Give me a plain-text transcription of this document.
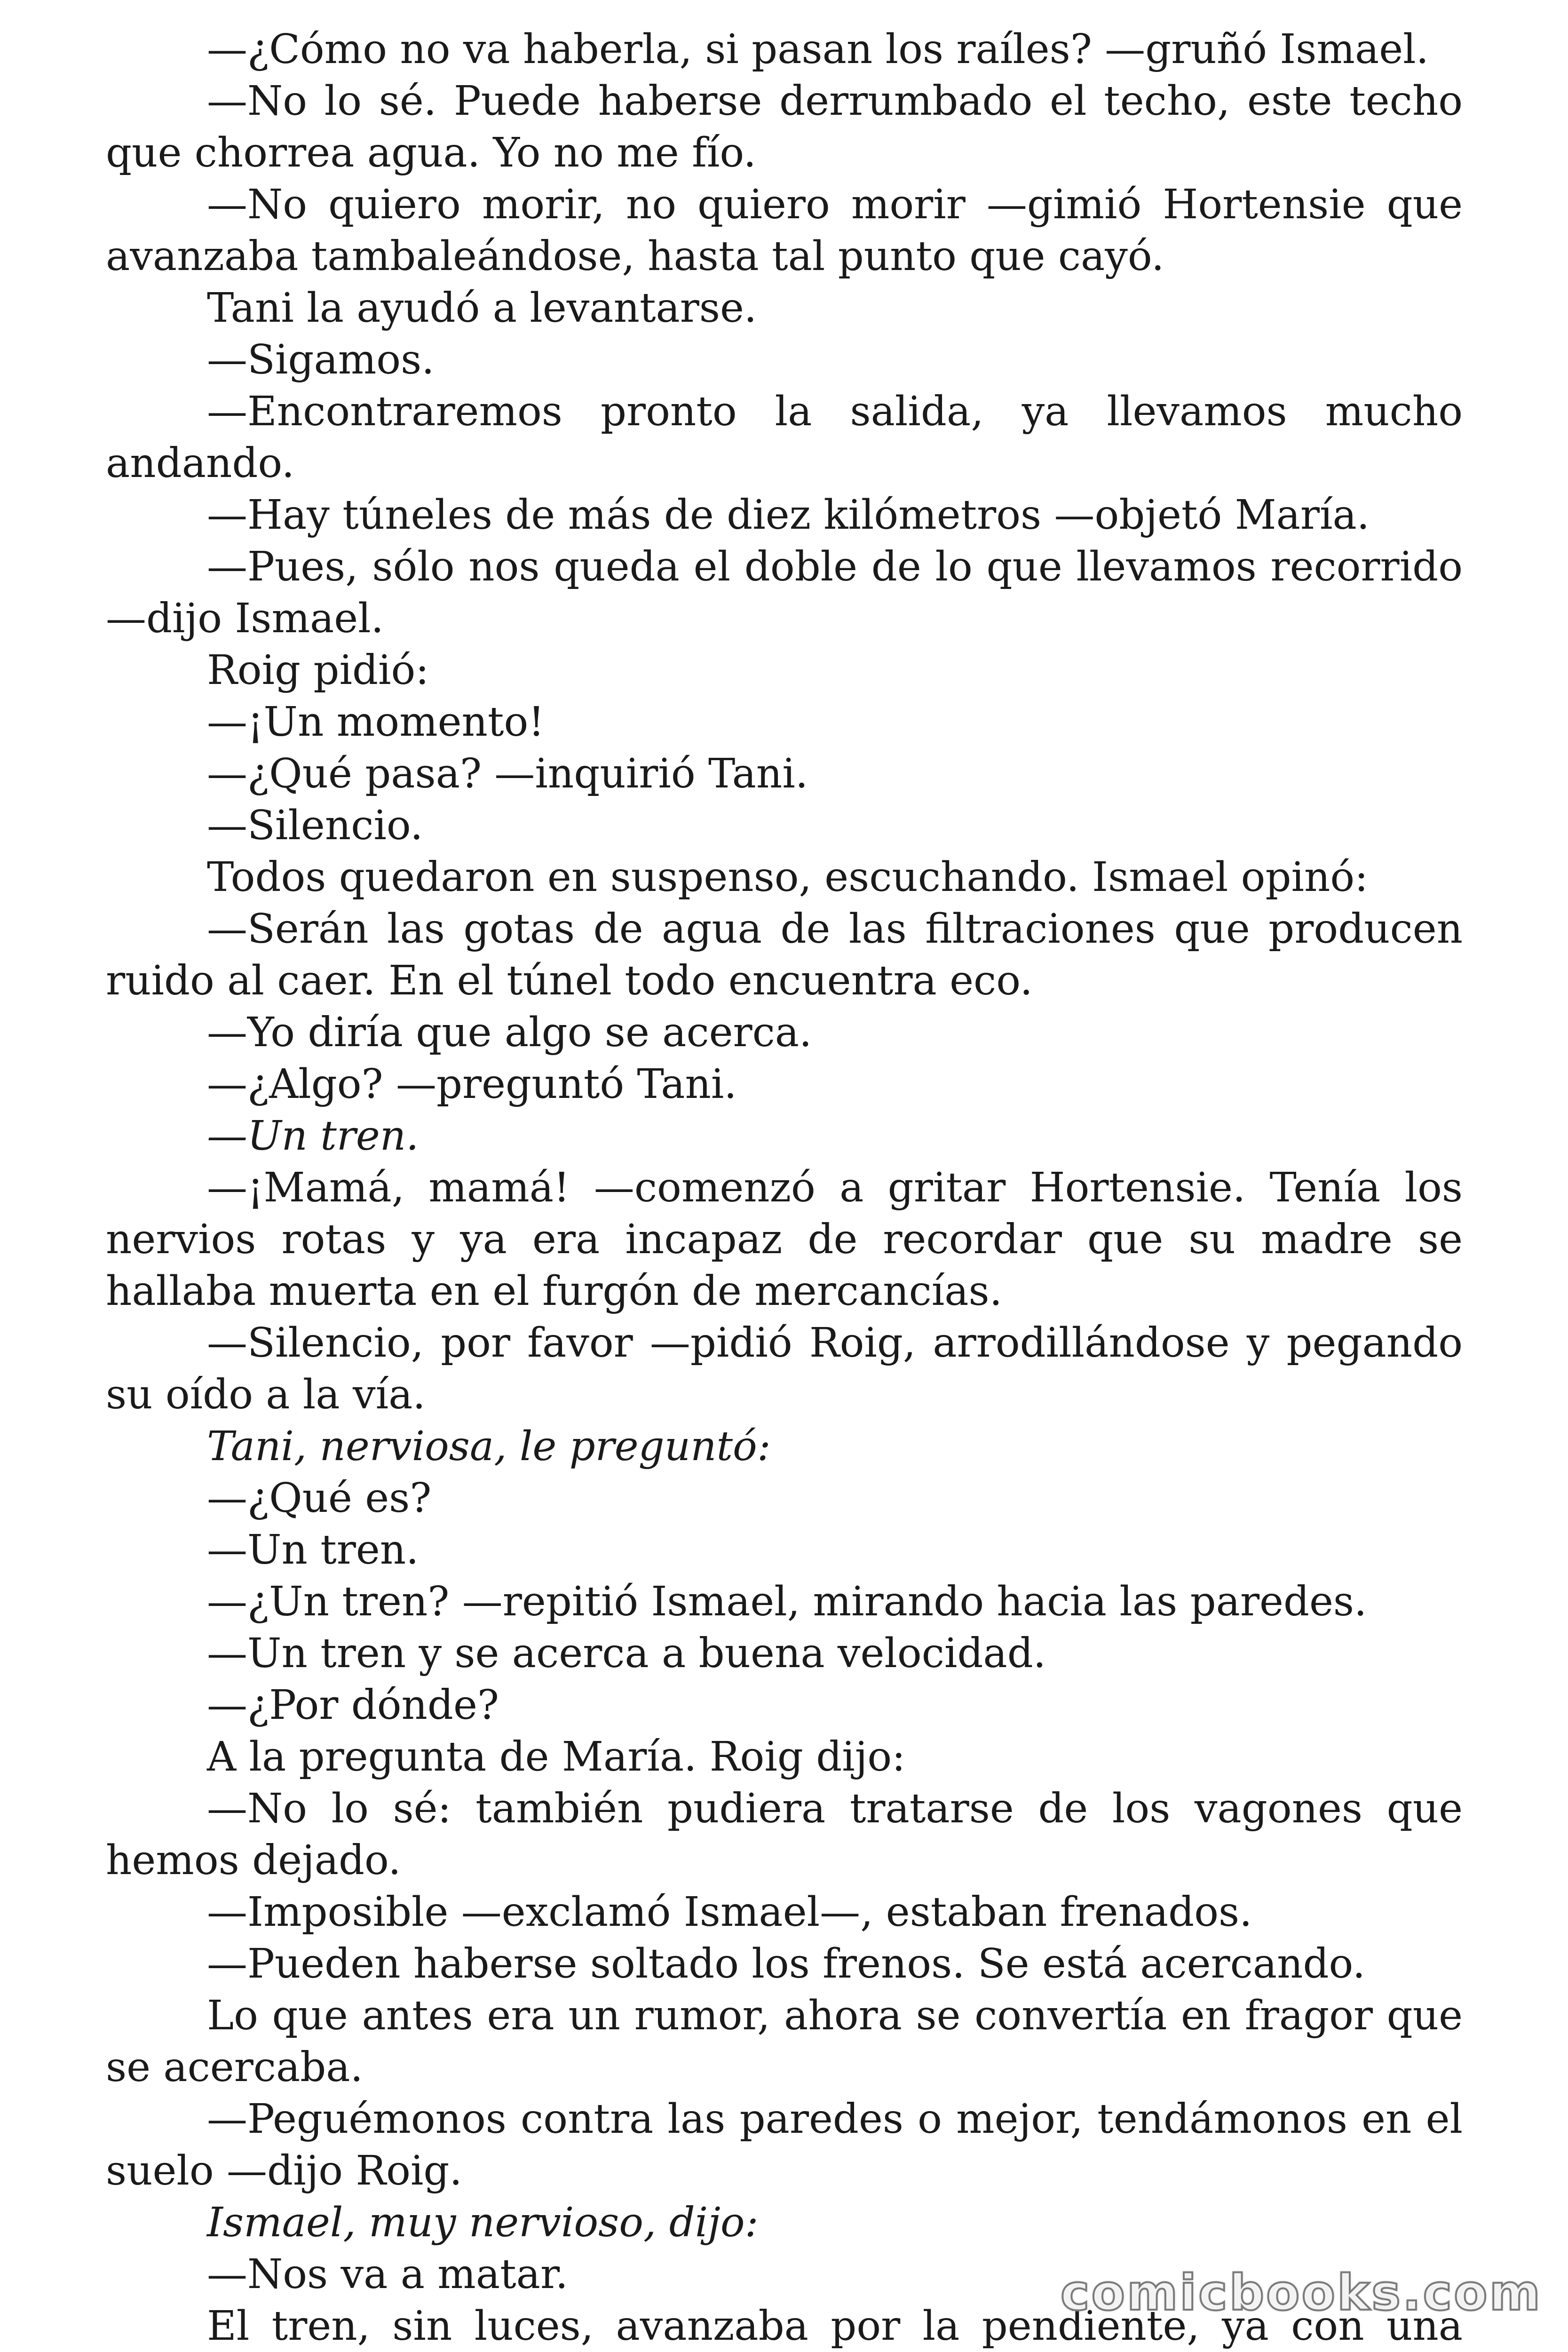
—¿Cómo no va haberla, si pasan los raíles? —gruñó Ismael.

—No lo sé. Puede haberse derrumbado el techo, este techo que chorrea agua. Yo no me fío.

—No quiero morir, no quiero morir —gimió Hortensie que avanzaba tambaleándose, hasta tal punto que cayó.

Tani la ayudó a levantarse.

—Sigamos.

—Encontraremos pronto la salida, ya llevamos mucho andando.

—Hay túneles de más de diez kilómetros —objetó María.

—Pues, sólo nos queda el doble de lo que llevamos recorrido —dijo Ismael.

Roig pidió:

—¡Un momento!

—¿Qué pasa? —inquirió Tani.

—Silencio.

Todos quedaron en suspenso, escuchando. Ismael opinó:

—Serán las gotas de agua de las filtraciones que producen ruido al caer. En el túnel todo encuentra eco.

—Yo diría que algo se acerca.

—¿Algo? —preguntó Tani.

—Un tren.

—¡Mamá, mamá! —comenzó a gritar Hortensie. Tenía los nervios rotas y ya era incapaz de recordar que su madre se hallaba muerta en el furgón de mercancías.

—Silencio, por favor —pidió Roig, arrodillándose y pegando su oído a la vía.

Tani, nerviosa, le preguntó:

—¿Qué es?

—Un tren.

—¿Un tren? —repitió Ismael, mirando hacia las paredes.

—Un tren y se acerca a buena velocidad.

—¿Por dónde?

A la pregunta de María. Roig dijo:

—No lo sé: también pudiera tratarse de los vagones que hemos dejado.

—Imposible —exclamó Ismael—, estaban frenados.

—Pueden haberse soltado los frenos. Se está acercando.

Lo que antes era un rumor, ahora se convertía en fragor que se acercaba.

—Peguémonos contra las paredes o mejor, tendámonos en el suelo —dijo Roig.

Ismael, muy nervioso, dijo:

—Nos va a matar.

El tren, sin luces, avanzaba por la pendiente, ya con una

comicbooks.com
